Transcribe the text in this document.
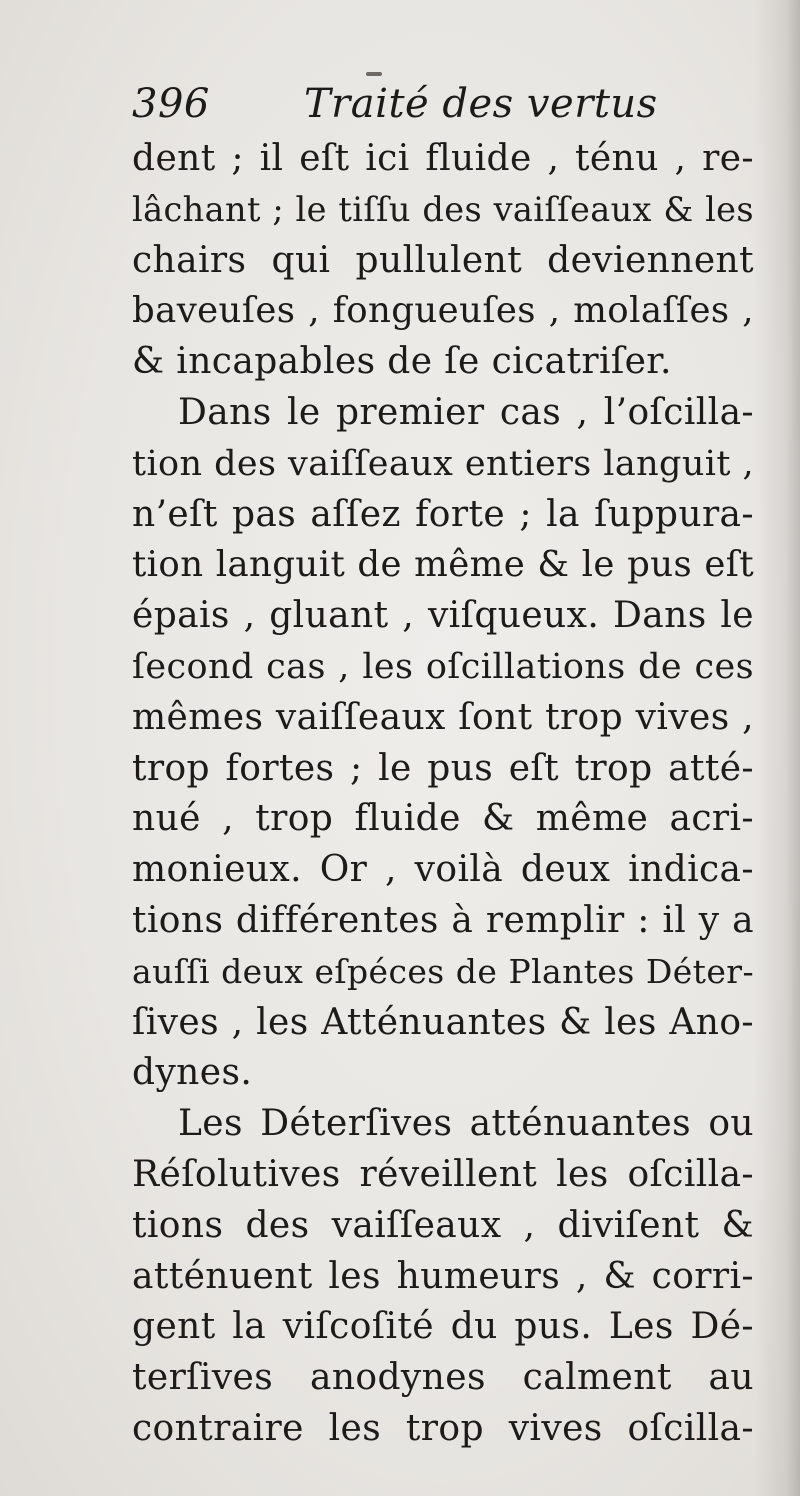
396 Traité des vertus
dent ; il eſt ici fluide , ténu , re-
lâchant ; le tiſſu des vaiſſeaux & les
chairs qui pullulent deviennent
baveuſes , fongueuſes , molaſſes ,
& incapables de ſe cicatriſer.
Dans le premier cas , l’oſcilla-
tion des vaiſſeaux entiers languit ,
n’eſt pas aſſez forte ; la ſuppura-
tion languit de même & le pus eſt
épais , gluant , viſqueux. Dans le
ſecond cas , les oſcillations de ces
mêmes vaiſſeaux ſont trop vives ,
trop fortes ; le pus eſt trop atté-
nué , trop fluide & même acri-
monieux. Or , voilà deux indica-
tions différentes à remplir : il y a
auſſi deux eſpéces de Plantes Déter-
ſives , les Atténuantes & les Ano-
dynes.
Les Déterſives atténuantes ou
Réſolutives réveillent les oſcilla-
tions des vaiſſeaux , diviſent &
atténuent les humeurs , & corri-
gent la viſcoſité du pus. Les Dé-
terſives anodynes calment au
contraire les trop vives oſcilla-
